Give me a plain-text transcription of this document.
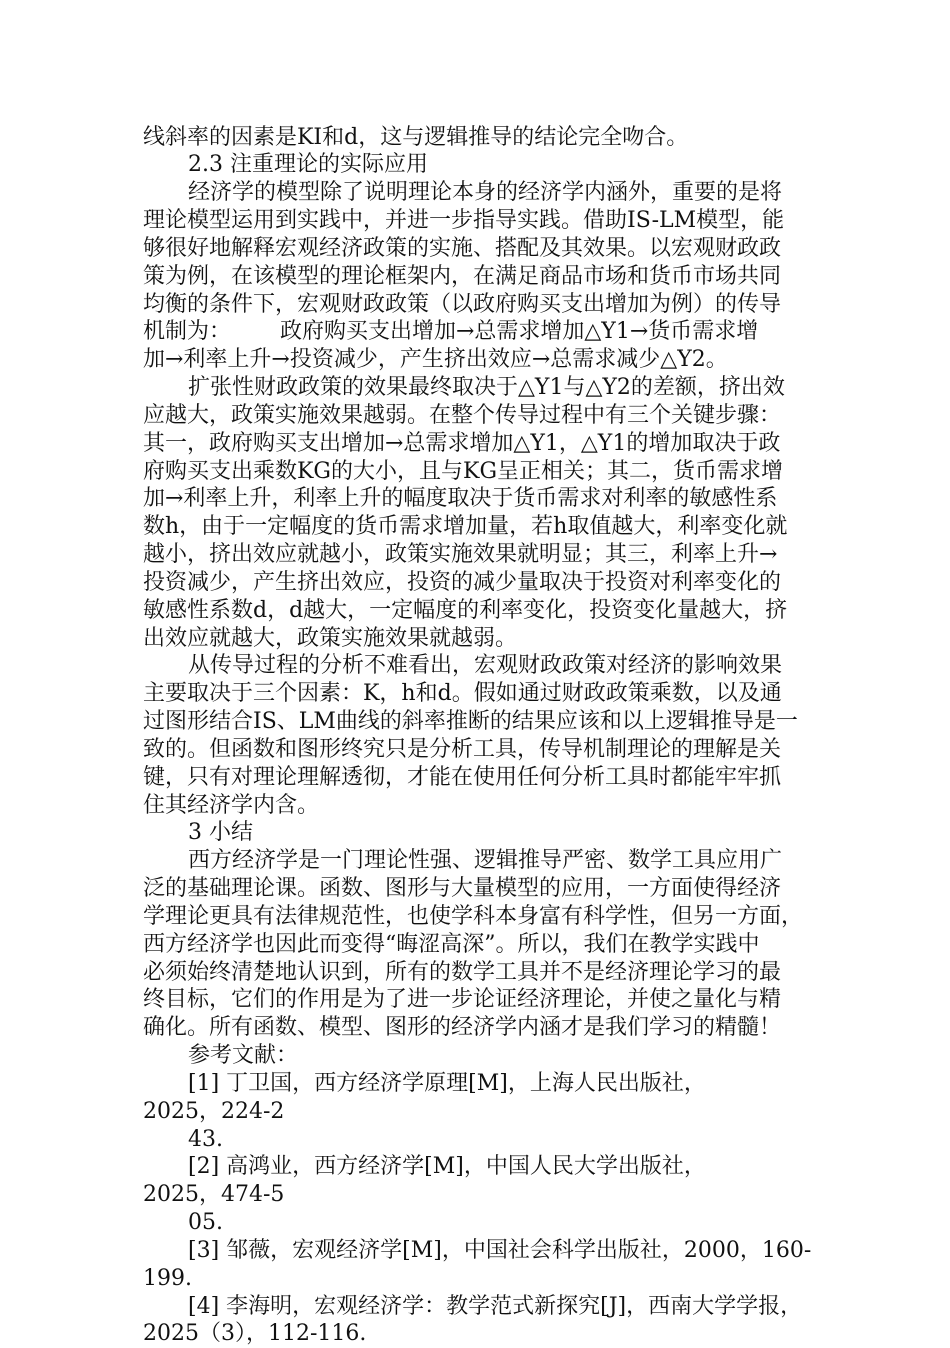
线斜率的因素是KI和d，这与逻辑推导的结论完全吻合。
2.3 注重理论的实际应用
经济学的模型除了说明理论本身的经济学内涵外，重要的是将
理论模型运用到实践中，并进一步指导实践。借助IS-LM模型，能
够很好地解释宏观经济政策的实施、搭配及其效果。以宏观财政政
策为例，在该模型的理论框架内，在满足商品市场和货币市场共同
均衡的条件下，宏观财政政策（以政府购买支出增加为例）的传导
机制为：       政府购买支出增加→总需求增加△Y1→货币需求增
加→利率上升→投资减少，产生挤出效应→总需求减少△Y2。
扩张性财政政策的效果最终取决于△Y1与△Y2的差额，挤出效
应越大，政策实施效果越弱。在整个传导过程中有三个关键步骤：
其一，政府购买支出增加→总需求增加△Y1，△Y1的增加取决于政
府购买支出乘数KG的大小，且与KG呈正相关；其二，货币需求增
加→利率上升，利率上升的幅度取决于货币需求对利率的敏感性系
数h，由于一定幅度的货币需求增加量，若h取值越大，利率变化就
越小，挤出效应就越小，政策实施效果就明显；其三，利率上升→
投资减少，产生挤出效应，投资的减少量取决于投资对利率变化的
敏感性系数d，d越大，一定幅度的利率变化，投资变化量越大，挤
出效应就越大，政策实施效果就越弱。
从传导过程的分析不难看出，宏观财政政策对经济的影响效果
主要取决于三个因素：K，h和d。假如通过财政政策乘数，以及通
过图形结合IS、LM曲线的斜率推断的结果应该和以上逻辑推导是一
致的。但函数和图形终究只是分析工具，传导机制理论的理解是关
键，只有对理论理解透彻，才能在使用任何分析工具时都能牢牢抓
住其经济学内含。
3 小结
西方经济学是一门理论性强、逻辑推导严密、数学工具应用广
泛的基础理论课。函数、图形与大量模型的应用，一方面使得经济
学理论更具有法律规范性，也使学科本身富有科学性，但另一方面，
西方经济学也因此而变得“晦涩高深”。所以，我们在教学实践中
必须始终清楚地认识到，所有的数学工具并不是经济理论学习的最
终目标，它们的作用是为了进一步论证经济理论，并使之量化与精
确化。所有函数、模型、图形的经济学内涵才是我们学习的精髓！
参考文献：
[1] 丁卫国，西方经济学原理[M]，上海人民出版社，
2025，224-2
43.
[2] 高鸿业，西方经济学[M]，中国人民大学出版社，
2025，474-5
05.
[3] 邹薇，宏观经济学[M]，中国社会科学出版社，2000，160-
199.
[4] 李海明，宏观经济学：教学范式新探究[J]，西南大学学报，
2025（3），112-116.
